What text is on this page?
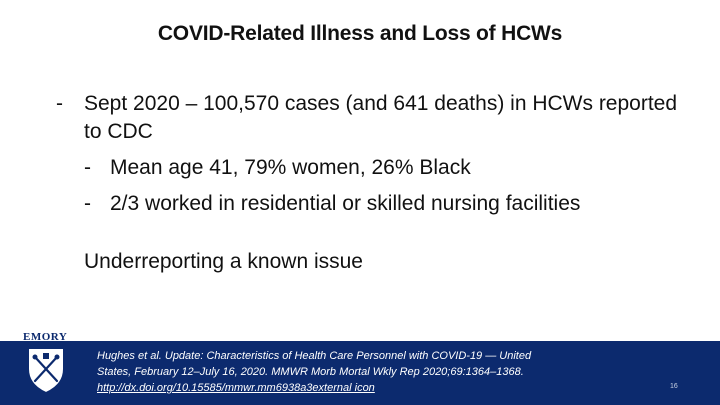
COVID-Related Illness and Loss of HCWs
- Sept 2020 – 100,570 cases (and 641 deaths) in HCWs reported to CDC
- Mean age 41, 79% women, 26% Black
- 2/3 worked in residential or skilled nursing facilities
Underreporting a known issue
EMORY
Hughes et al. Update: Characteristics of Health Care Personnel with COVID-19 — United
States, February 12–July 16, 2020. MMWR Morb Mortal Wkly Rep 2020;69:1364–1368.
http://dx.doi.org/10.15585/mmwr.mm6938a3external icon	16
